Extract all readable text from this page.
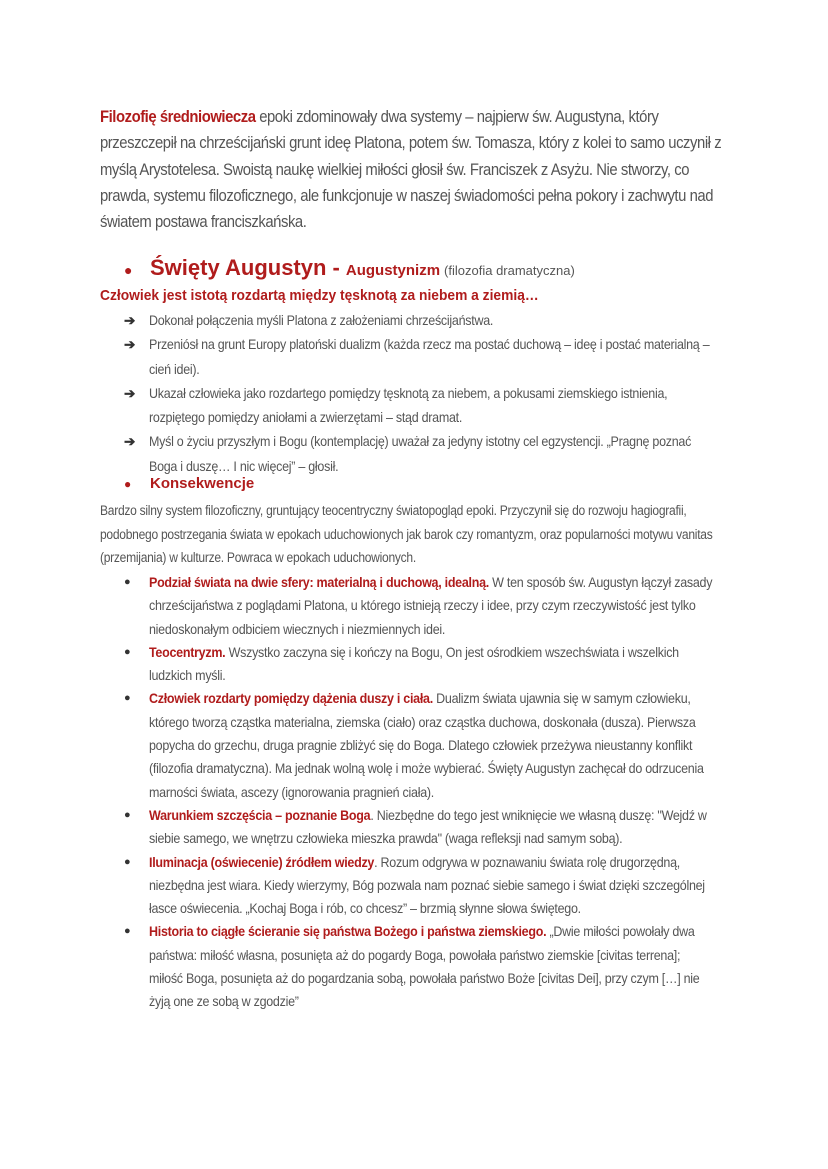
Filozofię średniowiecza epoki zdominowały dwa systemy – najpierw św. Augustyna, który przeszczepił na chrześcijański grunt ideę Platona, potem św. Tomasza, który z kolei to samo uczynił z myślą Arystotelesa. Swoistą naukę wielkiej miłości głosił św. Franciszek z Asyżu. Nie stworzy, co prawda, systemu filozoficznego, ale funkcjonuje w naszej świadomości pełna pokory i zachwytu nad światem postawa franciszkańska.

● Święty Augustyn - Augustynizm (filozofia dramatyczna)
Człowiek jest istotą rozdartą między tęsknotą za niebem a ziemią…
➔	Dokonał połączenia myśli Platona z założeniami chrześcijaństwa.
➔	Przeniósł na grunt Europy platoński dualizm (każda rzecz ma postać duchową – ideę i postać materialną – cień idei).
➔	Ukazał człowieka jako rozdartego pomiędzy tęsknotą za niebem, a pokusami ziemskiego istnienia, rozpiętego pomiędzy aniołami a zwierzętami – stąd dramat.
➔	Myśl o życiu przyszłym i Bogu (kontemplację) uważał za jedyny istotny cel egzystencji. „Pragnę poznać Boga i duszę… I nic więcej” – głosił.
●	Konsekwencje

Bardzo silny system filozoficzny, gruntujący teocentryczny światopogląd epoki. Przyczynił się do rozwoju hagiografii, podobnego postrzegania świata w epokach uduchowionych jak barok czy romantyzm, oraz popularności motywu vanitas (przemijania) w kulturze. Powraca w epokach uduchowionych.

●	Podział świata na dwie sfery: materialną i duchową, idealną. W ten sposób św. Augustyn łączył zasady chrześcijaństwa z poglądami Platona, u którego istnieją rzeczy i idee, przy czym rzeczywistość jest tylko niedoskonałym odbiciem wiecznych i niezmiennych idei.
●	Teocentryzm. Wszystko zaczyna się i kończy na Bogu, On jest ośrodkiem wszechświata i wszelkich ludzkich myśli.
●	Człowiek rozdarty pomiędzy dążenia duszy i ciała. Dualizm świata ujawnia się w samym człowieku, którego tworzą cząstka materialna, ziemska (ciało) oraz cząstka duchowa, doskonała (dusza). Pierwsza popycha do grzechu, druga pragnie zbliżyć się do Boga. Dlatego człowiek przeżywa nieustanny konflikt (filozofia dramatyczna). Ma jednak wolną wolę i może wybierać. Święty Augustyn zachęcał do odrzucenia marności świata, ascezy (ignorowania pragnień ciała).
●	Warunkiem szczęścia – poznanie Boga. Niezbędne do tego jest wniknięcie we własną duszę: "Wejdź w siebie samego, we wnętrzu człowieka mieszka prawda" (waga refleksji nad samym sobą).
●	Iluminacja (oświecenie) źródłem wiedzy. Rozum odgrywa w poznawaniu świata rolę drugorzędną, niezbędna jest wiara. Kiedy wierzymy, Bóg pozwala nam poznać siebie samego i świat dzięki szczególnej łasce oświecenia. „Kochaj Boga i rób, co chcesz” – brzmią słynne słowa świętego.
●	Historia to ciągłe ścieranie się państwa Bożego i państwa ziemskiego. „Dwie miłości powołały dwa państwa: miłość własna, posunięta aż do pogardy Boga, powołała państwo ziemskie [civitas terrena]; miłość Boga, posunięta aż do pogardzania sobą, powołała państwo Boże [civitas Dei], przy czym […] nie żyją one ze sobą w zgodzie”
